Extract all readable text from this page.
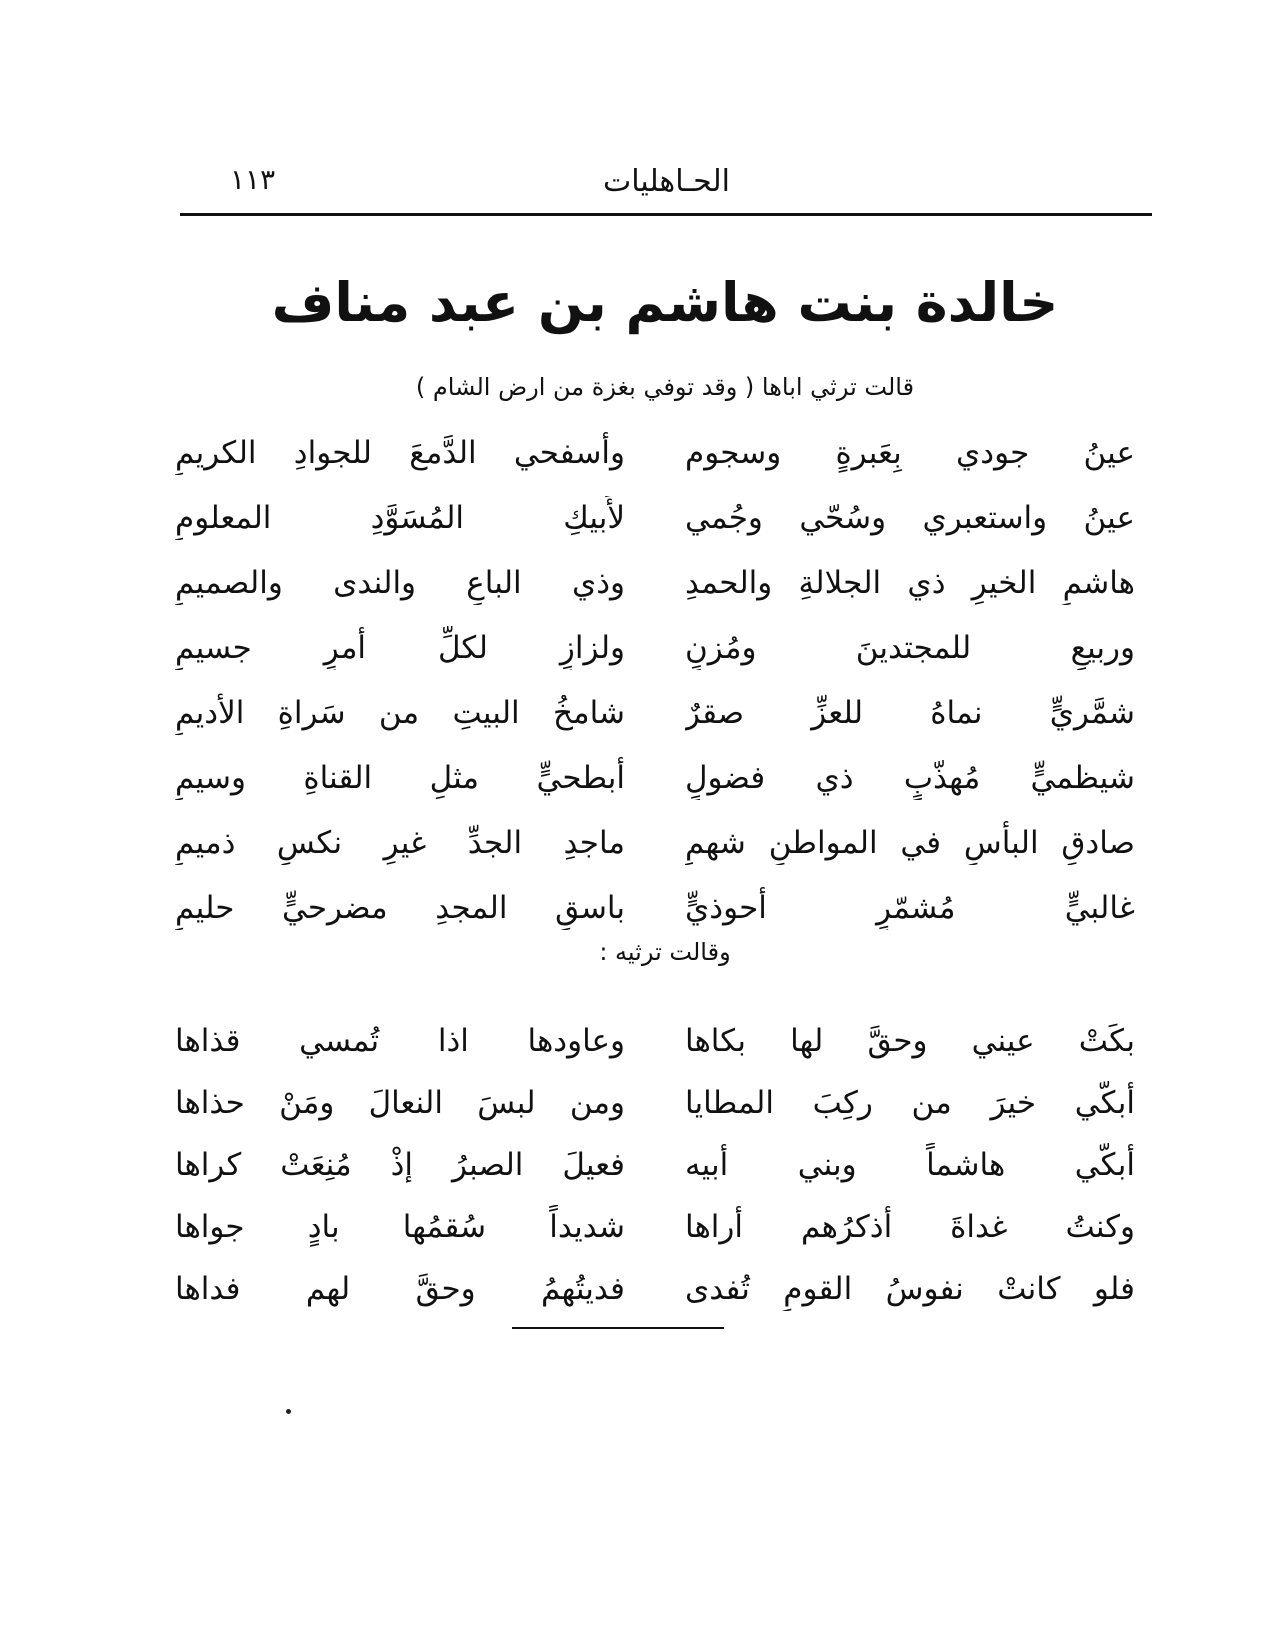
الحـاهليات
١١٣
خالدة بنت هاشم بن عبد مناف
قالت ترثي اباها ( وقد توفي بغزة من ارض الشام )
عينُ جودي بِعَبرةٍ وسجوم
وأسفحي الدَّمعَ للجوادِ الكريمِ
عينُ واستعبري وسُحّي وجُمي
لأَبيكِ المُسَوَّدِ المعلومِ
هاشمِ الخيرِ ذي الجلالةِ والحمدِ
وذي الباعِ والندى والصميمِ
وربيعٍ للمجتدينَ ومُزنٍ
ولزازٍ لكلِّ أمرٍ جسيمِ
شمَّريٍّ نماهُ للعزِّ صقرٌ
شامخُ البيتِ من سَراةِ الأديمِ
شيظميٍّ مُهذّبٍ ذي فضولٍ
أبطحيٍّ مثلِ القناةِ وسيمِ
صادقِ البأسِ في المواطنِ شهمٍ
ماجدِ الجدِّ غيرِ نكسٍ ذميمِ
غالبيٍّ مُشمّرٍ أحوذيٍّ
باسقِ المجدِ مضرحيٍّ حليمِ
وقالت ترثيه :
بكَتْ عيني وحقَّ لها بكاها
وعاودها اذا تُمسي قذاها
أبكّي خيرَ من ركِبَ المطايا
ومن لبسَ النعالَ ومَنْ حذاها
أبكّي هاشماً وبني أبيه
فعيلَ الصبرُ إذْ مُنِعَتْ كراها
وكنتُ غداةَ أذكرُهم أراها
شديداً سُقمُها بادٍ جواها
فلو كانتْ نفوسُ القومِ تُفدى
فديتُهمُ وحقَّ لهم فداها
